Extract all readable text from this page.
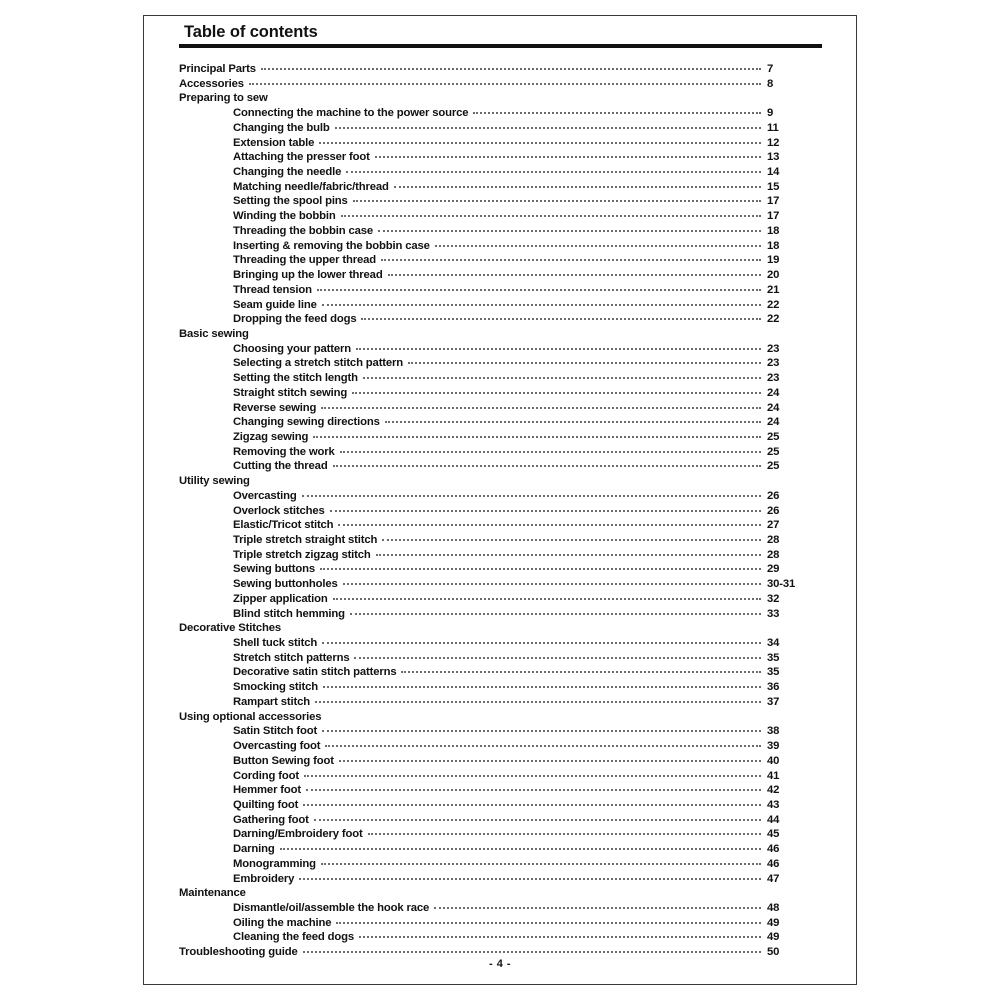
Table of contents
Principal Parts	7
Accessories	8
Preparing to sew
Connecting the machine to the power source	9
Changing the bulb	11
Extension table	12
Attaching the presser foot	13
Changing the needle	14
Matching needle/fabric/thread	15
Setting the spool pins	17
Winding the bobbin	17
Threading the bobbin case	18
Inserting & removing the bobbin case	18
Threading the upper thread	19
Bringing up the lower thread	20
Thread tension	21
Seam guide line	22
Dropping the feed dogs	22
Basic sewing
Choosing your pattern	23
Selecting a stretch stitch pattern	23
Setting the stitch length	23
Straight stitch sewing	24
Reverse sewing	24
Changing sewing directions	24
Zigzag sewing	25
Removing the work	25
Cutting the thread	25
Utility sewing
Overcasting	26
Overlock stitches	26
Elastic/Tricot stitch	27
Triple stretch straight stitch	28
Triple stretch zigzag stitch	28
Sewing buttons	29
Sewing buttonholes	30-31
Zipper application	32
Blind stitch hemming	33
Decorative Stitches
Shell tuck stitch	34
Stretch stitch patterns	35
Decorative satin stitch patterns	35
Smocking stitch	36
Rampart stitch	37
Using optional accessories
Satin Stitch foot	38
Overcasting foot	39
Button Sewing foot	40
Cording foot	41
Hemmer foot	42
Quilting foot	43
Gathering foot	44
Darning/Embroidery foot	45
Darning	46
Monogramming	46
Embroidery	47
Maintenance
Dismantle/oil/assemble the hook race	48
Oiling the machine	49
Cleaning the feed dogs	49
Troubleshooting guide	50
- 4 -
